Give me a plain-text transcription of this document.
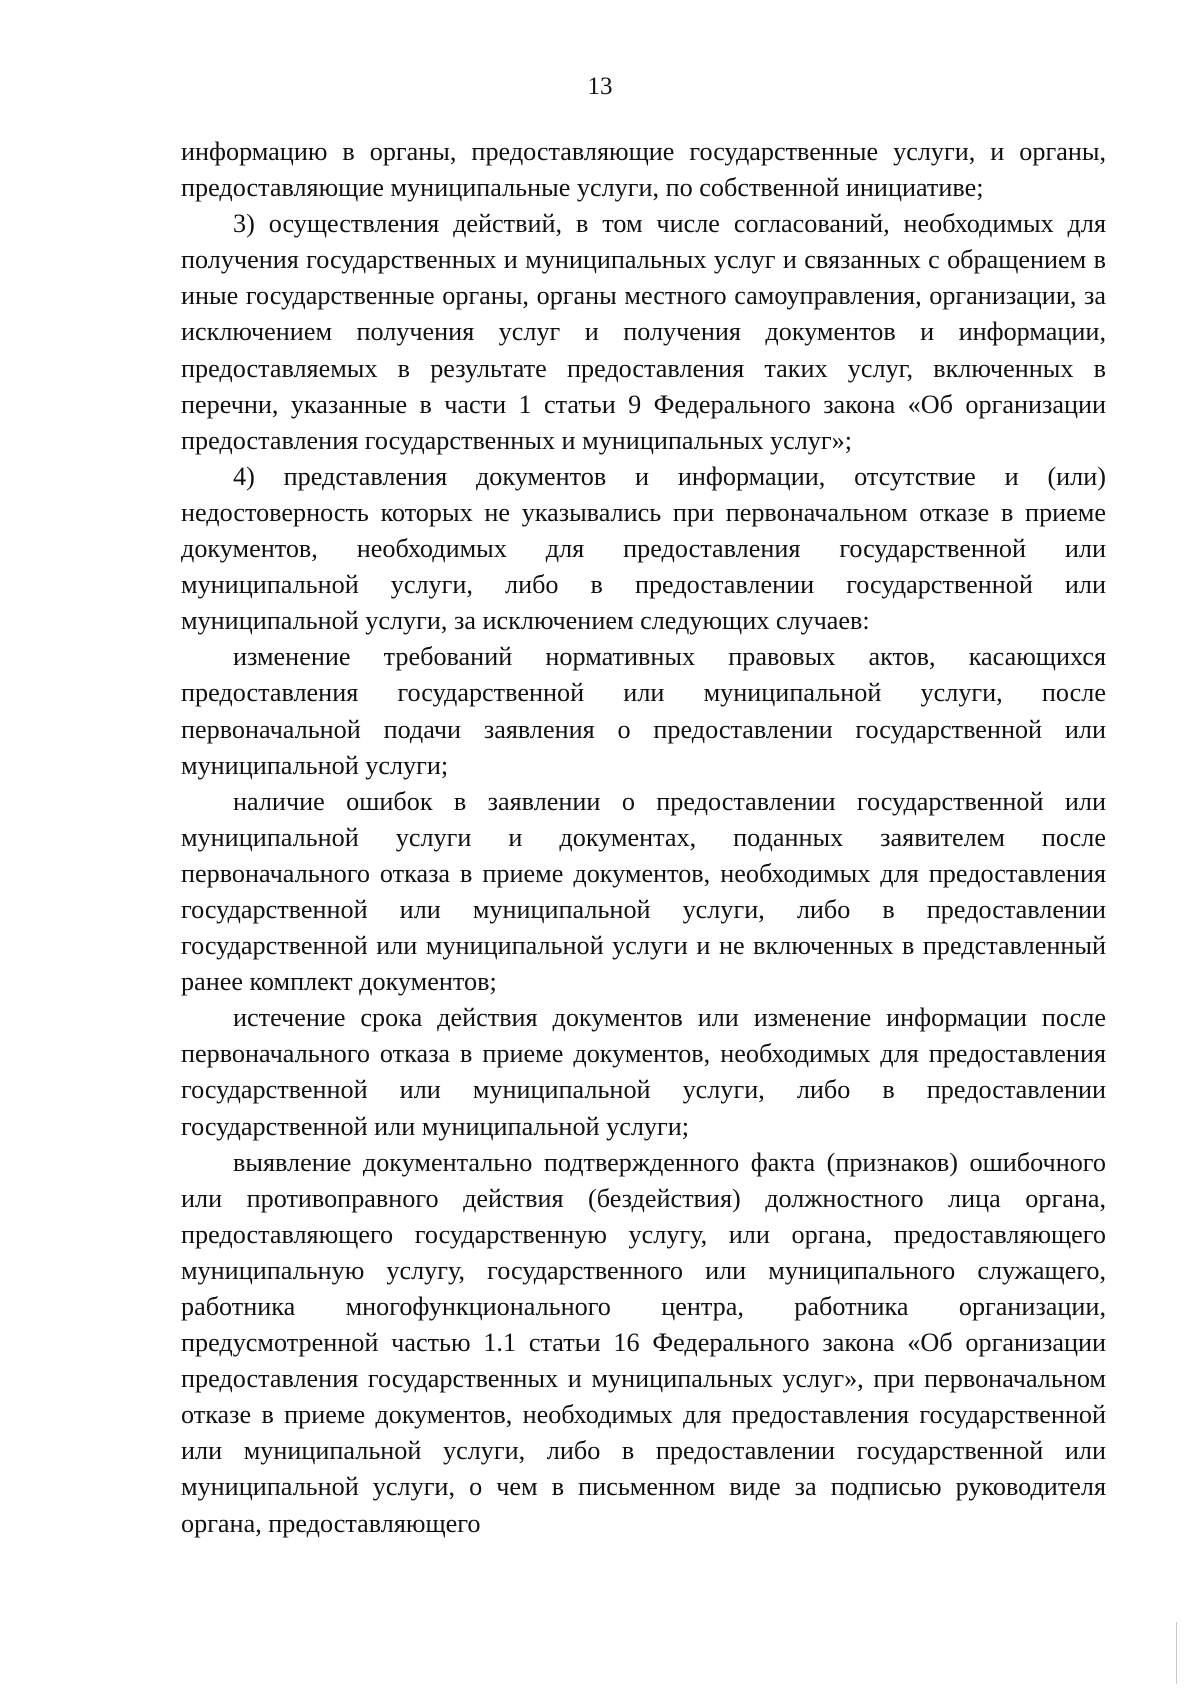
13

информацию в органы, предоставляющие государственные услуги, и органы, предоставляющие муниципальные услуги, по собственной инициативе;

3) осуществления действий, в том числе согласований, необходимых для получения государственных и муниципальных услуг и связанных с обращением в иные государственные органы, органы местного самоуправления, организации, за исключением получения услуг и получения документов и информации, предоставляемых в результате предоставления таких услуг, включенных в перечни, указанные в части 1 статьи 9 Федерального закона «Об организации предоставления государственных и муниципальных услуг»;

4) представления документов и информации, отсутствие и (или) недостоверность которых не указывались при первоначальном отказе в приеме документов, необходимых для предоставления государственной или муниципальной услуги, либо в предоставлении государственной или муниципальной услуги, за исключением следующих случаев:

изменение требований нормативных правовых актов, касающихся предоставления государственной или муниципальной услуги, после первоначальной подачи заявления о предоставлении государственной или муниципальной услуги;

наличие ошибок в заявлении о предоставлении государственной или муниципальной услуги и документах, поданных заявителем после первоначального отказа в приеме документов, необходимых для предоставления государственной или муниципальной услуги, либо в предоставлении государственной или муниципальной услуги и не включенных в представленный ранее комплект документов;

истечение срока действия документов или изменение информации после первоначального отказа в приеме документов, необходимых для предоставления государственной или муниципальной услуги, либо в предоставлении государственной или муниципальной услуги;

выявление документально подтвержденного факта (признаков) ошибочного или противоправного действия (бездействия) должностного лица органа, предоставляющего государственную услугу, или органа, предоставляющего муниципальную услугу, государственного или муниципального служащего, работника многофункционального центра, работника организации, предусмотренной частью 1.1 статьи 16 Федерального закона «Об организации предоставления государственных и муниципальных услуг», при первоначальном отказе в приеме документов, необходимых для предоставления государственной или муниципальной услуги, либо в предоставлении государственной или муниципальной услуги, о чем в письменном виде за подписью руководителя органа, предоставляющего
